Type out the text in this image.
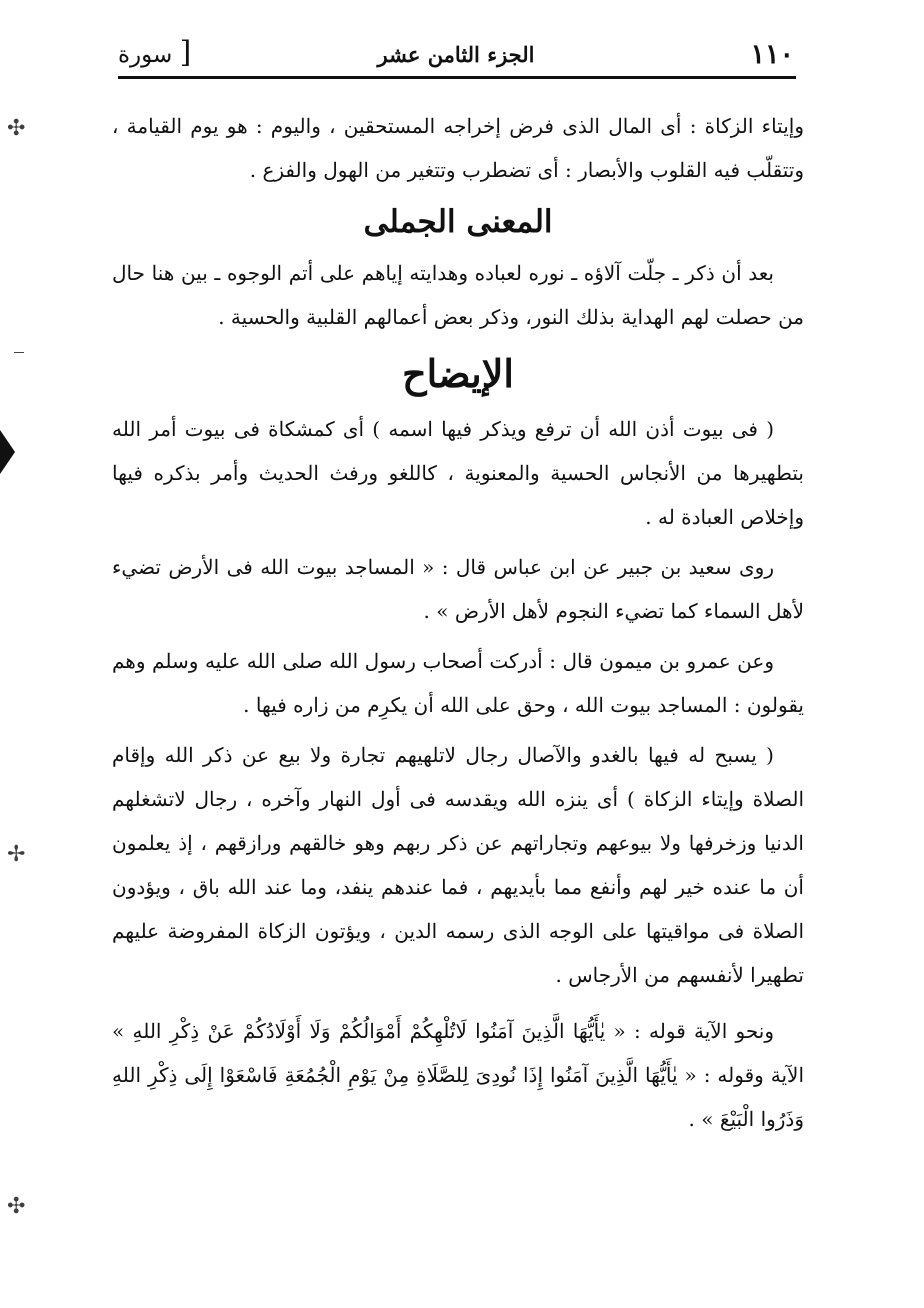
١١٠
الجزء الثامن عشر
[ سورة

وإيتاء الزكاة : أى المال الذى فرض إخراجه المستحقين ، واليوم : هو يوم القيامة ، وتتقلّب فيه القلوب والأبصار : أى تضطرب وتتغير من الهول والفزع .

المعنى الجملى

بعد أن ذكر ـ جلّت آلاؤه ـ نوره لعباده وهدايته إياهم على أتم الوجوه ـ بين هنا حال من حصلت لهم الهداية بذلك النور، وذكر بعض أعمالهم القلبية والحسية .

الإيضاح

( فى بيوت أذن الله أن ترفع ويذكر فيها اسمه ) أى كمشكاة فى بيوت أمر الله بتطهيرها من الأنجاس الحسية والمعنوية ، كاللغو ورفث الحديث وأمر بذكره فيها وإخلاص العبادة له .

روى سعيد بن جبير عن ابن عباس قال : « المساجد بيوت الله فى الأرض تضيء لأهل السماء كما تضيء النجوم لأهل الأرض » .

وعن عمرو بن ميمون قال : أدركت أصحاب رسول الله صلى الله عليه وسلم وهم يقولون : المساجد بيوت الله ، وحق على الله أن يكرِم من زاره فيها .

( يسبح له فيها بالغدو والآصال رجال لاتلهيهم تجارة ولا بيع عن ذكر الله وإقام الصلاة وإيتاء الزكاة ) أى ينزه الله ويقدسه فى أول النهار وآخره ، رجال لاتشغلهم الدنيا وزخرفها ولا بيوعهم وتجاراتهم عن ذكر ربهم وهو خالقهم ورازقهم ، إذ يعلمون أن ما عنده خير لهم وأنفع مما بأيديهم ، فما عندهم ينفد، وما عند الله باق ، ويؤدون الصلاة فى مواقيتها على الوجه الذى رسمه الدين ، ويؤتون الزكاة المفروضة عليهم تطهيرا لأنفسهم من الأرجاس .

ونحو الآية قوله : « يٰأَيُّهَا الَّذِينَ آمَنُوا لَاتُلْهِكُمْ أَمْوَالُكُمْ وَلَا أَوْلَادُكُمْ عَنْ ذِكْرِ اللهِ » الآية وقوله : « يٰأَيُّهَا الَّذِينَ آمَنُوا إِذَا نُودِىَ لِلصَّلَاةِ مِنْ يَوْمِ الْجُمُعَةِ فَاسْعَوْا إِلَى ذِكْرِ اللهِ وَذَرُوا الْبَيْعَ » .

✣
✢
✣
